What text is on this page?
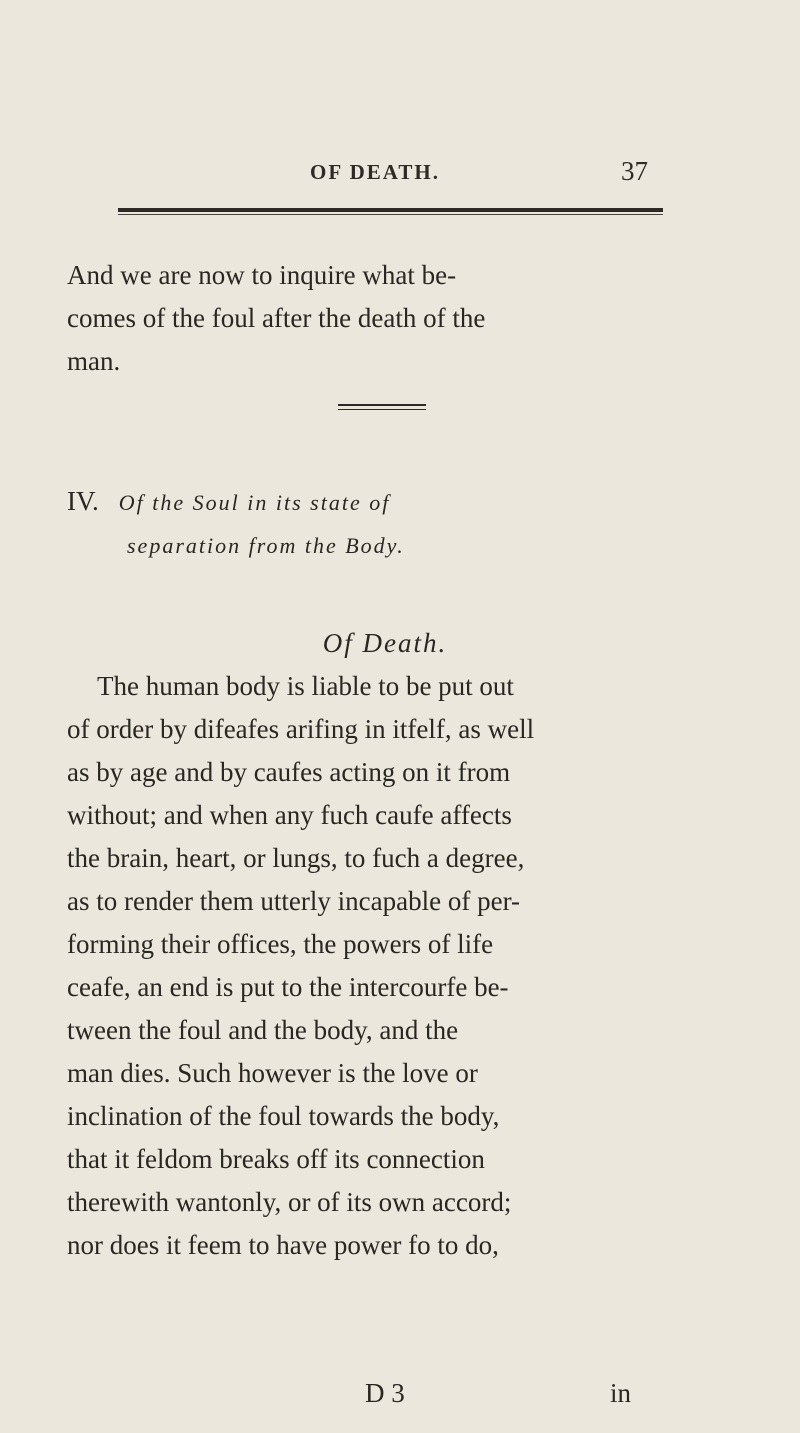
OF DEATH.	37

And we are now to inquire what be-
comes of the foul after the death of the
man.

IV. Of the Soul in its state of
separation from the Body.
Of Death.

The human body is liable to be put out
of order by difeafes arifing in itfelf, as well
as by age and by caufes acting on it from
without; and when any fuch caufe affects
the brain, heart, or lungs, to fuch a degree,
as to render them utterly incapable of per-
forming their offices, the powers of life
ceafe, an end is put to the intercourfe be-
tween the foul and the body, and the
man dies. Such however is the love or
inclination of the foul towards the body,
that it feldom breaks off its connection
therewith wantonly, or of its own accord;
nor does it feem to have power fo to do,

D 3	in
